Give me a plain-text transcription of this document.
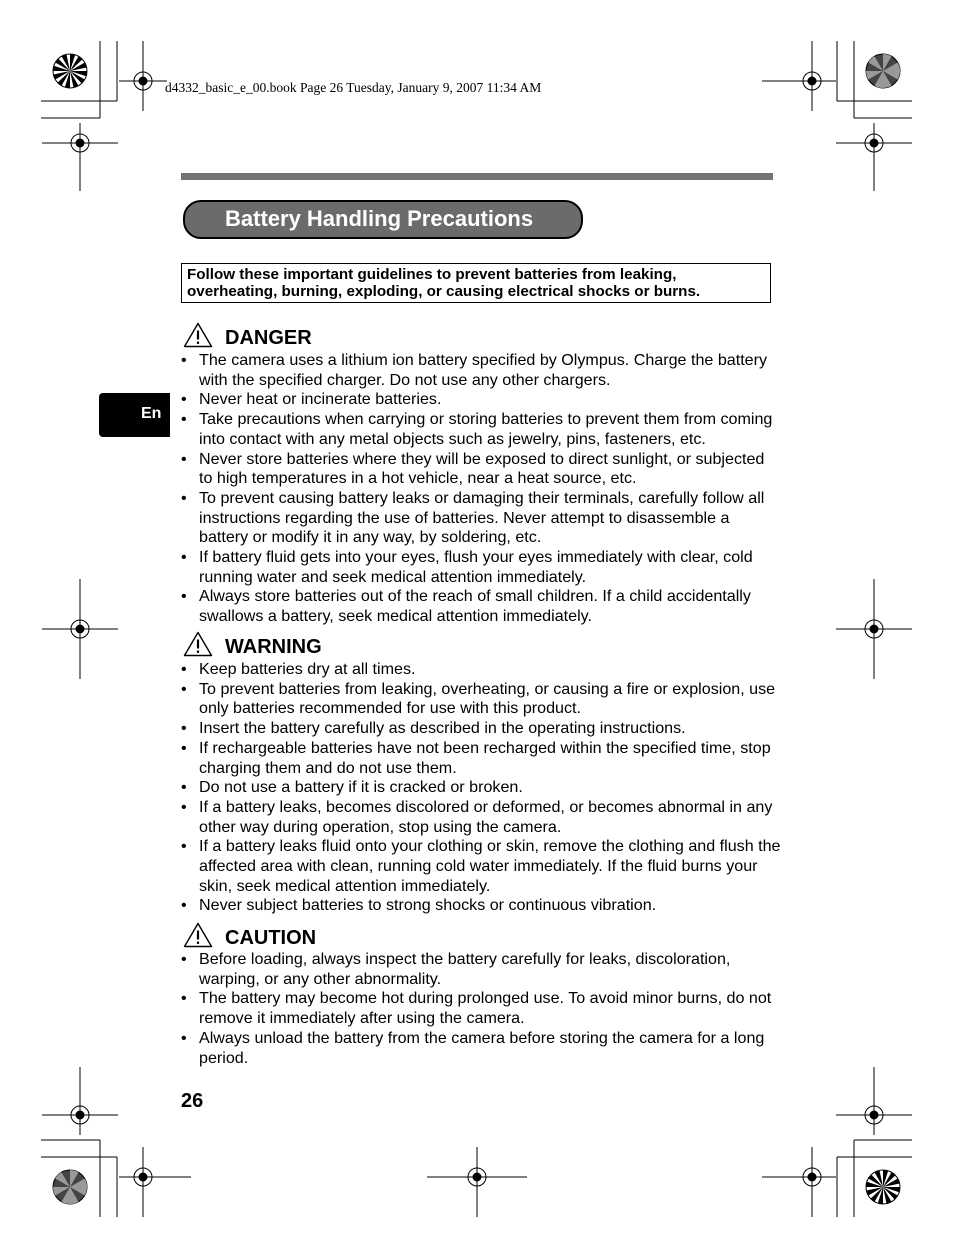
d4332_basic_e_00.book Page 26 Tuesday, January 9, 2007 11:34 AM
Battery Handling Precautions
Follow these important guidelines to prevent batteries from leaking, overheating, burning, exploding, or causing electrical shocks or burns.
En
DANGER
• The camera uses a lithium ion battery specified by Olympus. Charge the battery with the specified charger. Do not use any other chargers.
• Never heat or incinerate batteries.
• Take precautions when carrying or storing batteries to prevent them from coming into contact with any metal objects such as jewelry, pins, fasteners, etc.
• Never store batteries where they will be exposed to direct sunlight, or subjected to high temperatures in a hot vehicle, near a heat source, etc.
• To prevent causing battery leaks or damaging their terminals, carefully follow all instructions regarding the use of batteries. Never attempt to disassemble a battery or modify it in any way, by soldering, etc.
• If battery fluid gets into your eyes, flush your eyes immediately with clear, cold running water and seek medical attention immediately.
• Always store batteries out of the reach of small children. If a child accidentally swallows a battery, seek medical attention immediately.
WARNING
• Keep batteries dry at all times.
• To prevent batteries from leaking, overheating, or causing a fire or explosion, use only batteries recommended for use with this product.
• Insert the battery carefully as described in the operating instructions.
• If rechargeable batteries have not been recharged within the specified time, stop charging them and do not use them.
• Do not use a battery if it is cracked or broken.
• If a battery leaks, becomes discolored or deformed, or becomes abnormal in any other way during operation, stop using the camera.
• If a battery leaks fluid onto your clothing or skin, remove the clothing and flush the affected area with clean, running cold water immediately. If the fluid burns your skin, seek medical attention immediately.
• Never subject batteries to strong shocks or continuous vibration.
CAUTION
• Before loading, always inspect the battery carefully for leaks, discoloration, warping, or any other abnormality.
• The battery may become hot during prolonged use. To avoid minor burns, do not remove it immediately after using the camera.
• Always unload the battery from the camera before storing the camera for a long period.
26
